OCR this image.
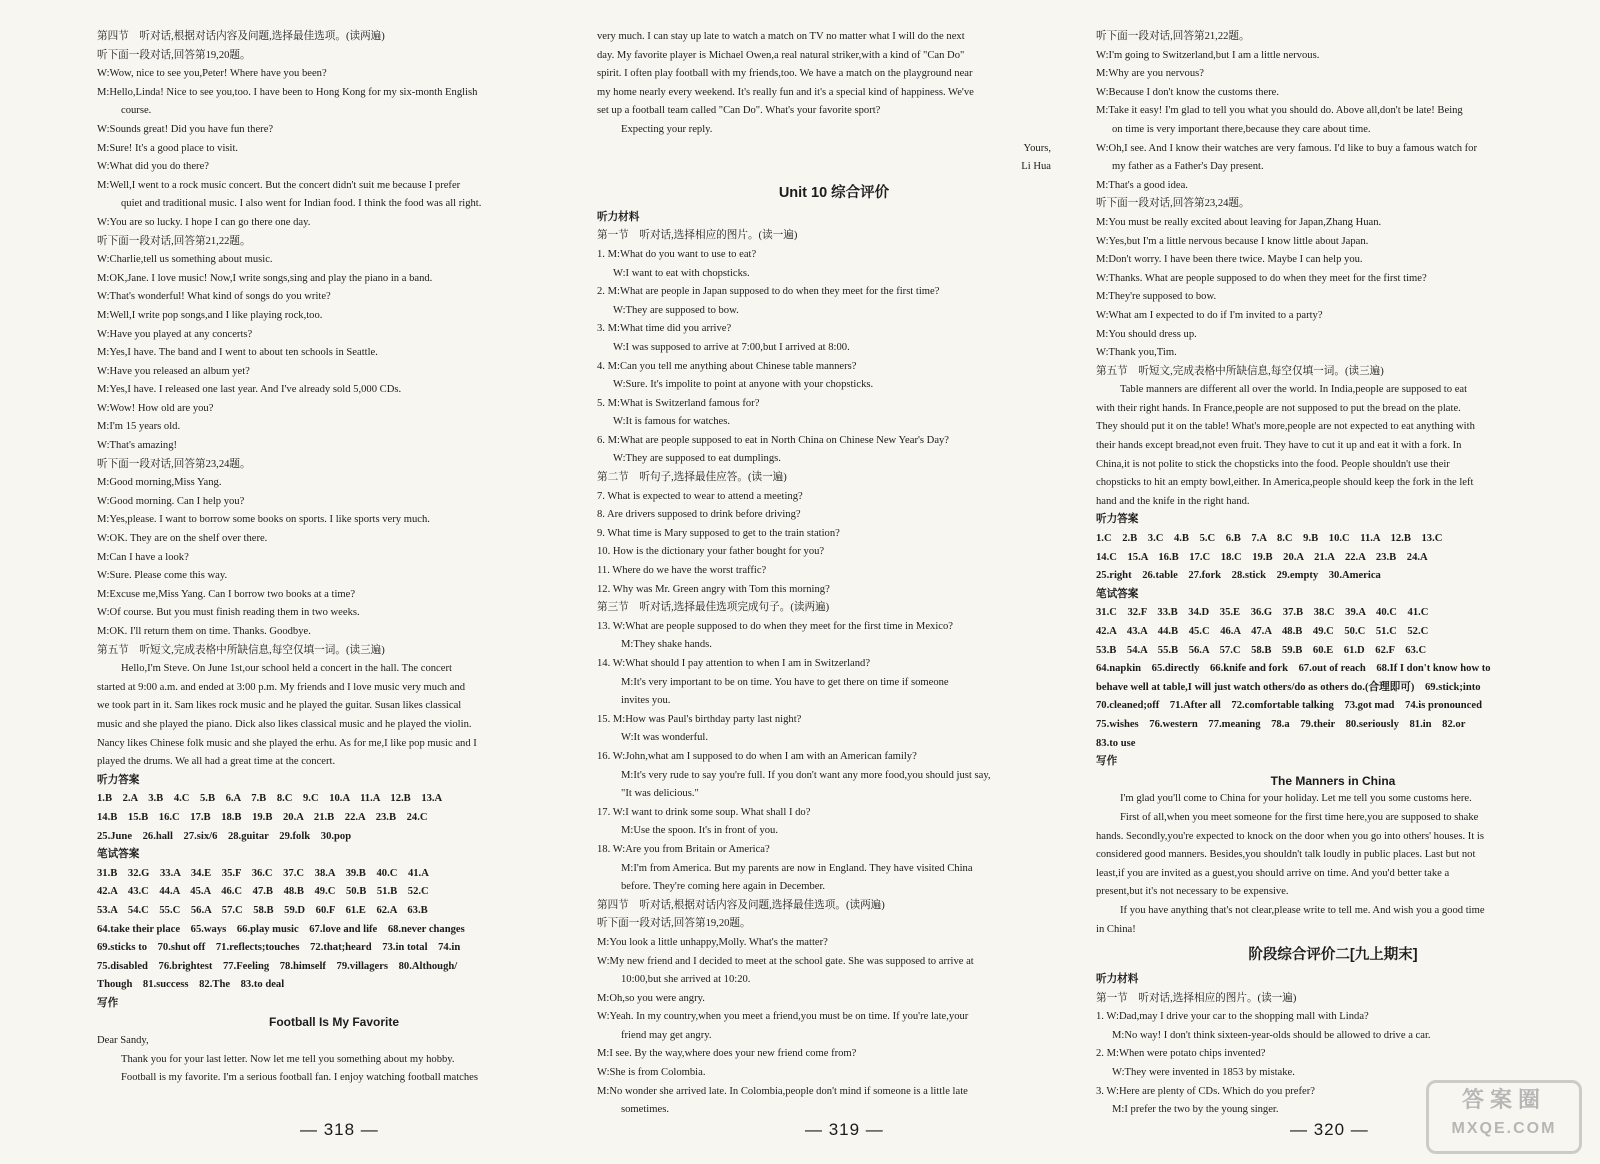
第四节　听对话,根据对话内容及问题,选择最佳选项。(读两遍)
听下面一段对话,回答第19,20题。
W:Wow, nice to see you,Peter! Where have you been?
M:Hello,Linda! Nice to see you,too. I have been to Hong Kong for my six-month English
course.
W:Sounds great! Did you have fun there?
M:Sure! It's a good place to visit.
W:What did you do there?
M:Well,I went to a rock music concert. But the concert didn't suit me because I prefer
quiet and traditional music. I also went for Indian food. I think the food was all right.
W:You are so lucky. I hope I can go there one day.
听下面一段对话,回答第21,22题。
W:Charlie,tell us something about music.
M:OK,Jane. I love music! Now,I write songs,sing and play the piano in a band.
W:That's wonderful! What kind of songs do you write?
M:Well,I write pop songs,and I like playing rock,too.
W:Have you played at any concerts?
M:Yes,I have. The band and I went to about ten schools in Seattle.
W:Have you released an album yet?
M:Yes,I have. I released one last year. And I've already sold 5,000 CDs.
W:Wow! How old are you?
M:I'm 15 years old.
W:That's amazing!
听下面一段对话,回答第23,24题。
M:Good morning,Miss Yang.
W:Good morning. Can I help you?
M:Yes,please. I want to borrow some books on sports. I like sports very much.
W:OK. They are on the shelf over there.
M:Can I have a look?
W:Sure. Please come this way.
M:Excuse me,Miss Yang. Can I borrow two books at a time?
W:Of course. But you must finish reading them in two weeks.
M:OK. I'll return them on time. Thanks. Goodbye.
第五节　听短文,完成表格中所缺信息,每空仅填一词。(读三遍)
Hello,I'm Steve. On June 1st,our school held a concert in the hall. The concert
started at 9:00 a.m. and ended at 3:00 p.m. My friends and I love music very much and
we took part in it. Sam likes rock music and he played the guitar. Susan likes classical
music and she played the piano. Dick also likes classical music and he played the violin.
Nancy likes Chinese folk music and she played the erhu. As for me,I like pop music and I
played the drums. We all had a great time at the concert.
听力答案
1.B　2.A　3.B　4.C　5.B　6.A　7.B　8.C　9.C　10.A　11.A　12.B　13.A
14.B　15.B　16.C　17.B　18.B　19.B　20.A　21.B　22.A　23.B　24.C
25.June　26.hall　27.six/6　28.guitar　29.folk　30.pop
笔试答案
31.B　32.G　33.A　34.E　35.F　36.C　37.C　38.A　39.B　40.C　41.A
42.A　43.C　44.A　45.A　46.C　47.B　48.B　49.C　50.B　51.B　52.C
53.A　54.C　55.C　56.A　57.C　58.B　59.D　60.F　61.E　62.A　63.B
64.take their place　65.ways　66.play music　67.love and life　68.never changes
69.sticks to　70.shut off　71.reflects;touches　72.that;heard　73.in total　74.in
75.disabled　76.brightest　77.Feeling　78.himself　79.villagers　80.Although/
Though　81.success　82.The　83.to deal
写作
Football Is My Favorite
Dear Sandy,
Thank you for your last letter. Now let me tell you something about my hobby.
Football is my favorite. I'm a serious football fan. I enjoy watching football matches
very much. I can stay up late to watch a match on TV no matter what I will do the next
day. My favorite player is Michael Owen,a real natural striker,with a kind of "Can Do"
spirit. I often play football with my friends,too. We have a match on the playground near
my home nearly every weekend. It's really fun and it's a special kind of happiness. We've
set up a football team called "Can Do". What's your favorite sport?
Expecting your reply.
Yours,
Li Hua
Unit 10 综合评价
听力材料
第一节　听对话,选择相应的图片。(读一遍)
1. M:What do you want to use to eat?
W:I want to eat with chopsticks.
2. M:What are people in Japan supposed to do when they meet for the first time?
W:They are supposed to bow.
3. M:What time did you arrive?
W:I was supposed to arrive at 7:00,but I arrived at 8:00.
4. M:Can you tell me anything about Chinese table manners?
W:Sure. It's impolite to point at anyone with your chopsticks.
5. M:What is Switzerland famous for?
W:It is famous for watches.
6. M:What are people supposed to eat in North China on Chinese New Year's Day?
W:They are supposed to eat dumplings.
第二节　听句子,选择最佳应答。(读一遍)
7. What is expected to wear to attend a meeting?
8. Are drivers supposed to drink before driving?
9. What time is Mary supposed to get to the train station?
10. How is the dictionary your father bought for you?
11. Where do we have the worst traffic?
12. Why was Mr. Green angry with Tom this morning?
第三节　听对话,选择最佳选项完成句子。(读两遍)
13. W:What are people supposed to do when they meet for the first time in Mexico?
M:They shake hands.
14. W:What should I pay attention to when I am in Switzerland?
M:It's very important to be on time. You have to get there on time if someone
invites you.
15. M:How was Paul's birthday party last night?
W:It was wonderful.
16. W:John,what am I supposed to do when I am with an American family?
M:It's very rude to say you're full. If you don't want any more food,you should just say,
"It was delicious."
17. W:I want to drink some soup. What shall I do?
M:Use the spoon. It's in front of you.
18. W:Are you from Britain or America?
M:I'm from America. But my parents are now in England. They have visited China
before. They're coming here again in December.
第四节　听对话,根据对话内容及问题,选择最佳选项。(读两遍)
听下面一段对话,回答第19,20题。
M:You look a little unhappy,Molly. What's the matter?
W:My new friend and I decided to meet at the school gate. She was supposed to arrive at
10:00,but she arrived at 10:20.
M:Oh,so you were angry.
W:Yeah. In my country,when you meet a friend,you must be on time. If you're late,your
friend may get angry.
M:I see. By the way,where does your new friend come from?
W:She is from Colombia.
M:No wonder she arrived late. In Colombia,people don't mind if someone is a little late
sometimes.
听下面一段对话,回答第21,22题。
W:I'm going to Switzerland,but I am a little nervous.
M:Why are you nervous?
W:Because I don't know the customs there.
M:Take it easy! I'm glad to tell you what you should do. Above all,don't be late! Being
on time is very important there,because they care about time.
W:Oh,I see. And I know their watches are very famous. I'd like to buy a famous watch for
my father as a Father's Day present.
M:That's a good idea.
听下面一段对话,回答第23,24题。
M:You must be really excited about leaving for Japan,Zhang Huan.
W:Yes,but I'm a little nervous because I know little about Japan.
M:Don't worry. I have been there twice. Maybe I can help you.
W:Thanks. What are people supposed to do when they meet for the first time?
M:They're supposed to bow.
W:What am I expected to do if I'm invited to a party?
M:You should dress up.
W:Thank you,Tim.
第五节　听短文,完成表格中所缺信息,每空仅填一词。(读三遍)
Table manners are different all over the world. In India,people are supposed to eat
with their right hands. In France,people are not supposed to put the bread on the plate.
They should put it on the table! What's more,people are not expected to eat anything with
their hands except bread,not even fruit. They have to cut it up and eat it with a fork. In
China,it is not polite to stick the chopsticks into the food. People shouldn't use their
chopsticks to hit an empty bowl,either. In America,people should keep the fork in the left
hand and the knife in the right hand.
听力答案
1.C　2.B　3.C　4.B　5.C　6.B　7.A　8.C　9.B　10.C　11.A　12.B　13.C
14.C　15.A　16.B　17.C　18.C　19.B　20.A　21.A　22.A　23.B　24.A
25.right　26.table　27.fork　28.stick　29.empty　30.America
笔试答案
31.C　32.F　33.B　34.D　35.E　36.G　37.B　38.C　39.A　40.C　41.C
42.A　43.A　44.B　45.C　46.A　47.A　48.B　49.C　50.C　51.C　52.C
53.B　54.A　55.B　56.A　57.C　58.B　59.B　60.E　61.D　62.F　63.C
64.napkin　65.directly　66.knife and fork　67.out of reach　68.If I don't know how to
behave well at table,I will just watch others/do as others do.(合理即可)　69.stick;into
70.cleaned;off　71.After all　72.comfortable talking　73.got mad　74.is pronounced
75.wishes　76.western　77.meaning　78.a　79.their　80.seriously　81.in　82.or
83.to use
写作
The Manners in China
I'm glad you'll come to China for your holiday. Let me tell you some customs here.
First of all,when you meet someone for the first time here,you are supposed to shake
hands. Secondly,you're expected to knock on the door when you go into others' houses. It is
considered good manners. Besides,you shouldn't talk loudly in public places. Last but not
least,if you are invited as a guest,you should arrive on time. And you'd better take a
present,but it's not necessary to be expensive.
If you have anything that's not clear,please write to tell me. And wish you a good time
in China!
阶段综合评价二[九上期末]
听力材料
第一节　听对话,选择相应的图片。(读一遍)
1. W:Dad,may I drive your car to the shopping mall with Linda?
M:No way! I don't think sixteen-year-olds should be allowed to drive a car.
2. M:When were potato chips invented?
W:They were invented in 1853 by mistake.
3. W:Here are plenty of CDs. Which do you prefer?
M:I prefer the two by the young singer.
— 318 —	— 319 —	— 320 —
答案圈
MXQE.COM
